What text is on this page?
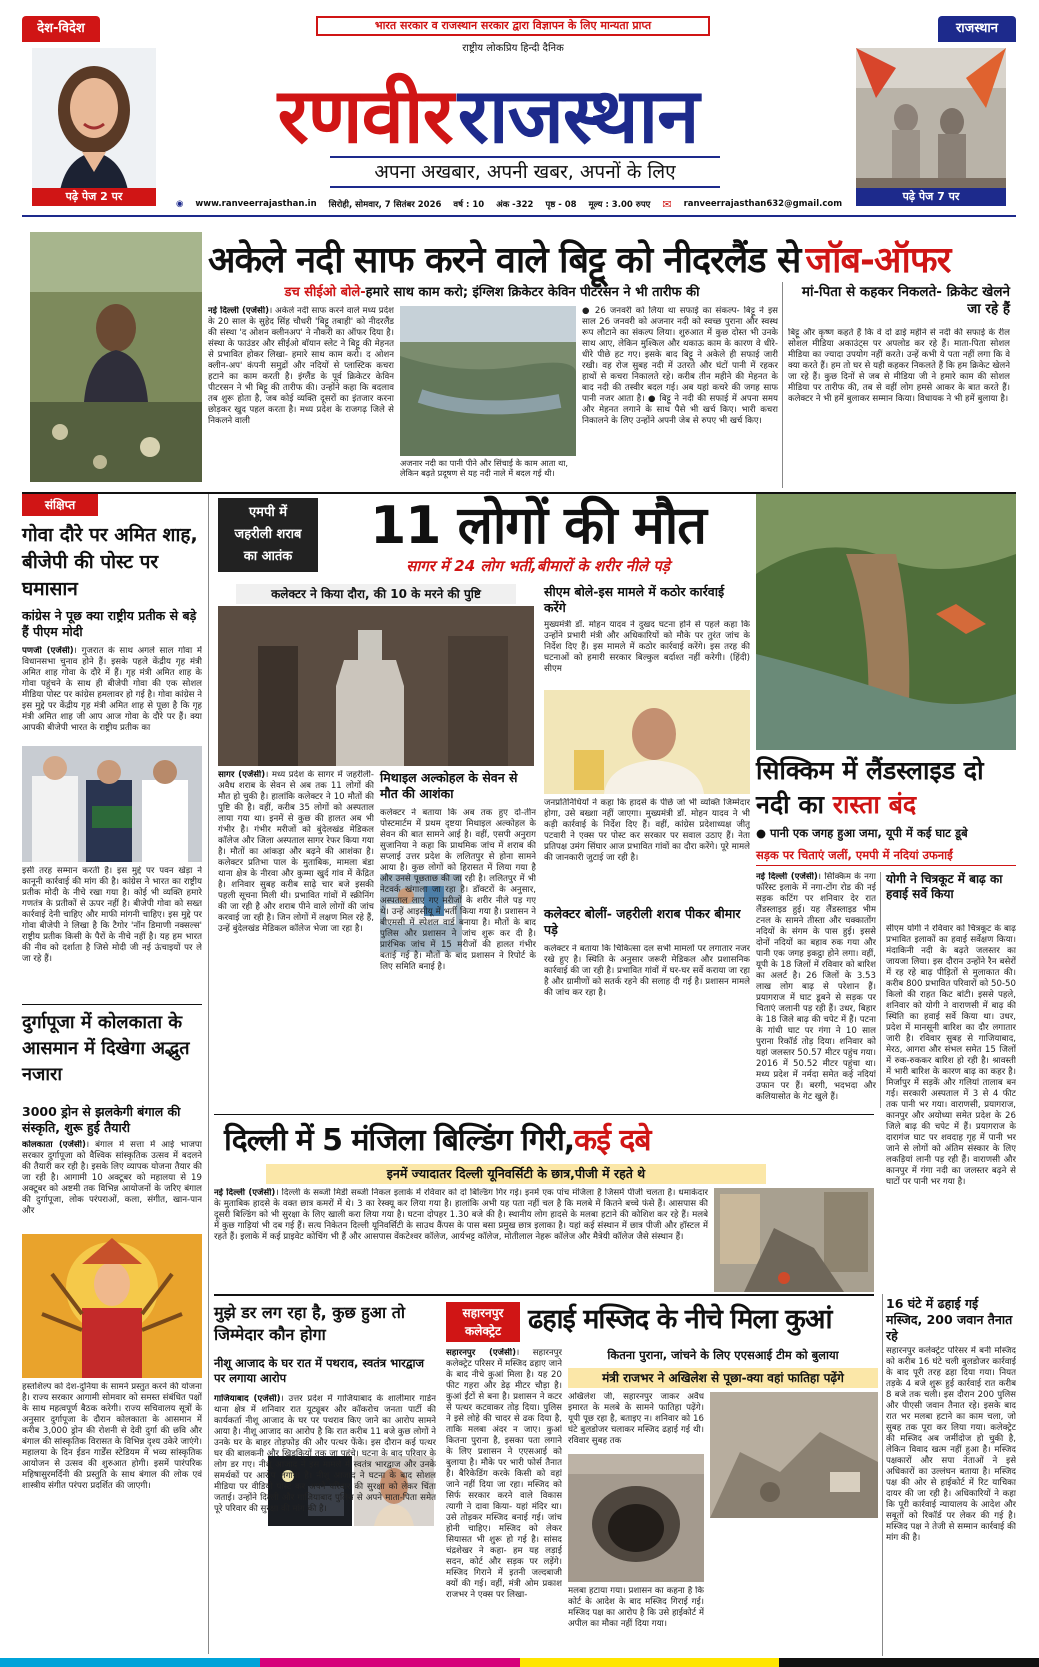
देश-विदेश
पढ़े पेज 2 पर
भारत सरकार व राजस्थान सरकार द्वारा विज्ञापन के लिए मान्यता प्राप्त
राष्ट्रीय लोकप्रिय हिन्दी दैनिक
रणवीर राजस्थान
अपना अखबार, अपनी खबर, अपनों के लिए
राजस्थान
पढ़े पेज 7 पर
◉ www.ranveerrajasthan.in सिरोही, सोमवार, 7 सितंबर 2026 वर्ष : 10 अंक -322 पृष्ठ - 08 मूल्य : 3.00 रुपए ✉ ranveerrajasthan632@gmail.com
अकेले नदी साफ करने वाले बिट्टू को नीदरलैंड से जॉब-ऑफर
डच सीईओ बोले-हमारे साथ काम करो; इंग्लिश क्रिकेटर केविन पीटरसन ने भी तारीफ की
नई दिल्ली (एजेंसी)। अकेले नदी साफ करने वाले मध्य प्रदेश के 20 साल के सुहेद सिंह चौधरी 'बिट्टू तबाही' को नीदरलैंड की संस्था 'द ओशन क्लीनअप' ने नौकरी का ऑफर दिया है। संस्था के फाउंडर और सीईओ बॉयान स्लेट ने बिट्टू की मेहनत से प्रभावित होकर लिखा- हमारे साथ काम करो। द ओशन क्लीन-अप' कंपनी समुद्रों और नदियों से प्लास्टिक कचरा हटाने का काम करती है। इंग्लैंड के पूर्व क्रिकेटर केविन पीटरसन ने भी बिट्टू की तारीफ की। उन्होंने कहा कि बदलाव तब शुरू होता है, जब कोई व्यक्ति दूसरों का इंतजार करना छोड़कर खुद पहल करता है। मध्य प्रदेश के राजगढ़ जिले से निकलने वाली
अजनार नदी का पानी पीने और सिंचाई के काम आता था, लेकिन बढ़ते प्रदूषण से यह नदी नाले में बदल गई थी।
● 26 जनवरी को लिया था सफाई का संकल्प- बिट्टू ने इस साल 26 जनवरी को अजनार नदी को स्वच्छ पुराना और स्वस्थ रूप लौटाने का संकल्प लिया। शुरुआत में कुछ दोस्त भी उनके साथ आए, लेकिन मुश्किल और थकाऊ काम के कारण वे धीरे-धीरे पीछे हट गए। इसके बाद बिट्टू ने अकेले ही सफाई जारी रखी। वह रोज सुबह नदी में उतरते और घंटों पानी में रहकर हाथों से कचरा निकालते रहे। करीब तीन महीने की मेहनत के बाद नदी की तस्वीर बदल गई। अब यहां कचरे की जगह साफ पानी नजर आता है। ● बिट्टू ने नदी की सफाई में अपना समय और मेहनत लगाने के साथ पैसे भी खर्च किए। भारी कचरा निकालने के लिए उन्होंने अपनी जेब से रुपए भी खर्च किए।
मां-पिता से कहकर निकलते- क्रिकेट खेलने जा रहे हैं
बिट्टू और कृष्ण कहते हैं कि वे दो ढाई महीने से नदी की सफाई के रील सोशल मीडिया अकाउंट्स पर अपलोड कर रहे हैं। माता-पिता सोशल मीडिया का ज्यादा उपयोग नहीं करते। उन्हें कभी ये पता नहीं लगा कि वे क्या करते हैं। हम तो घर से यही कहकर निकलते हैं कि हम क्रिकेट खेलने जा रहे हैं। कुछ दिनों से जब से मीडिया जी ने हमारे काम की सोशल मीडिया पर तारीफ की, तब से वहीं लोग हमसे आकर के बात करते हैं। कलेक्टर ने भी हमें बुलाकर सम्मान किया। विधायक ने भी हमें बुलाया है।
संक्षिप्त
गोवा दौरे पर अमित शाह, बीजेपी की पोस्ट पर घमासान
कांग्रेस ने पूछ क्या राष्ट्रीय प्रतीक से बड़े हैं पीएम मोदी
पणजी (एजेंसी)। गुजरात के साथ अगले साल गोवा में विधानसभा चुनाव होने हैं। इसके पहले केंद्रीय गृह मंत्री अमित शाह गोवा के दौरे में हैं। गृह मंत्री अमित शाह के गोवा पहुंचने के साथ ही बीजेपी गोवा की एक सोशल मीडिया पोस्ट पर कांग्रेस हमलावर हो गई है। गोवा कांग्रेस ने इस मुद्दे पर केंद्रीय गृह मंत्री अमित शाह से पूछा है कि गृह मंत्री अमित शाह जी आप आज गोवा के दौरे पर हैं। क्या आपकी बीजेपी भारत के राष्ट्रीय प्रतीक का
इसी तरह सम्मान करती है। इस मुद्दे पर पवन खेड़ा ने कानूनी कार्रवाई की मांग की है। कांग्रेस ने भारत का राष्ट्रीय प्रतीक मोदी के नीचे रखा गया है। कोई भी व्यक्ति हमारे गणतंत्र के प्रतीकों से ऊपर नहीं है। बीजेपी गोवा को सख्त कार्रवाई देनी चाहिए और माफी मांगनी चाहिए। इस मुद्दे पर गोवा बीजेपी ने लिखा है कि टैगोर 'नॉन डिमाणी नक्सल्स' राष्ट्रीय प्रतीक किसी के पैरों के नीचे नहीं है। यह हम भारत की नीव को दर्शाता है जिसे मोदी जी नई ऊंचाइयों पर ले जा रहे हैं।
दुर्गापूजा में कोलकाता के आसमान में दिखेगा अद्भुत नजारा
3000 ड्रोन से झलकेगी बंगाल की संस्कृति, शुरू हुई तैयारी
कोलकाता (एजेंसी)। बंगाल में सत्ता में आई भाजपा सरकार दुर्गापूजा को वैश्विक सांस्कृतिक उत्सव में बदलने की तैयारी कर रही है। इसके लिए व्यापक योजना तैयार की जा रही है। आगामी 10 अक्टूबर को महालया से 19 अक्टूबर को अष्टमी तक विभिन्न आयोजनों के जरिए बंगाल की दुर्गापूजा, लोक परंपराओं, कला, संगीत, खान-पान और
हस्तशिल्प को देश-दुनिया के सामने प्रस्तुत करने की योजना है। राज्य सरकार आगामी सोमवार को समस्त संबंधित पक्षों के साथ महत्वपूर्ण बैठक करेगी। राज्य सचिवालय सूत्रों के अनुसार दुर्गापूजा के दौरान कोलकाता के आसमान में करीब 3,000 ड्रोन की रोशनी से देवी दुर्गा की छवि और बंगाल की सांस्कृतिक विरासत के विभिन्न दृश्य उकेरे जाएंगे। महालया के दिन ईडन गार्डेंस स्टेडियम में भव्य सांस्कृतिक आयोजन से उत्सव की शुरुआत होगी। इसमें पारंपरिक महिषासुरमर्दिनी की प्रस्तुति के साथ बंगाल की लोक एवं शास्त्रीय संगीत परंपरा प्रदर्शित की जाएगी।
एमपी में
जहरीली शराब
का आतंक
11 लोगों की मौत
सागर में 24 लोग भर्ती,बीमारों के शरीर नीले पड़े
कलेक्टर ने किया दौरा, की 10 के मरने की पुष्टि
सागर (एजेंसी)। मध्य प्रदेश के सागर में जहरीली-अवैध शराब के सेवन से अब तक 11 लोगों की मौत हो चुकी है। हालांकि कलेक्टर ने 10 मौतों की पुष्टि की है। वहीं, करीब 35 लोगों को अस्पताल लाया गया था। इनमें से कुछ की हालत अब भी गंभीर है। गंभीर मरीजों को बुंदेलखंड मेडिकल कॉलेज और जिला अस्पताल सागर रेफर किया गया है। मौतों का आंकड़ा और बढ़ने की आशंका है। कलेक्टर प्रतिभा पाल के मुताबिक, मामला बंडा थाना क्षेत्र के नीरवा और कुम्मा खुर्द गांव में केंद्रित है। शनिवार सुबह करीब साढ़े चार बजे इसकी पहली सूचना मिली थी। प्रभावित गांवों में स्क्रीनिंग की जा रही है और शराब पीने वाले लोगों की जांच करवाई जा रही है। जिन लोगों में लक्षण मिल रहे हैं, उन्हें बुंदेलखंड मेडिकल कॉलेज भेजा जा रहा है।
मिथाइल अल्कोहल के सेवन से मौत की आशंका
कलेक्टर ने बताया कि अब तक हुए दो-तीन पोस्टमार्टम में प्रथम दृष्टया मिथाइल अल्कोहल के सेवन की बात सामने आई है। वहीं, एसपी अनुराग सुजानिया ने कहा कि प्राथमिक जांच में शराब की सप्लाई उत्तर प्रदेश के ललितपुर से होना सामने आया है। कुछ लोगों को हिरासत में लिया गया है और उनसे पूछताछ की जा रही है। ललितपुर में भी नेटवर्क खंगाला जा रहा है। डॉक्टरों के अनुसार, अस्पताल लाए गए मरीजों के शरीर नीले पड़ गए थे। उन्हें आइसीयू में भर्ती किया गया है। प्रशासन ने बीएमसी में स्पेशल वार्ड बनाया है। मौतों के बाद पुलिस और प्रशासन ने जांच शुरू कर दी है। प्रारंभिक जांच में 15 मरीजों की हालत गंभीर बताई गई है। मौतों के बाद प्रशासन ने रिपोर्ट के लिए समिति बनाई है।
सीएम बोले-इस मामले में कठोर कार्रवाई करेंगे
मुख्यमंत्री डॉ. मोहन यादव ने दुखद घटना होने से पहले कहा कि उन्होंने प्रभारी मंत्री और अधिकारियों को मौके पर तुरंत जांच के निर्देश दिए हैं। इस मामले में कठोर कार्रवाई करेंगे। इस तरह की घटनाओं को हमारी सरकार बिल्कुल बर्दाश्त नहीं करेगी। (हिंदी) सीएम
जनप्रतिनिधियों ने कहा कि हादसे के पीछे जो भी व्यक्ति जिम्मेदार होगा, उसे बख्शा नहीं जाएगा। मुख्यमंत्री डॉ. मोहन यादव ने भी कड़ी कार्रवाई के निर्देश दिए हैं। वहीं, कांग्रेस प्रदेशाध्यक्ष जीतू पटवारी ने एक्स पर पोस्ट कर सरकार पर सवाल उठाए हैं। नेता प्रतिपक्ष उमंग सिंघार आज प्रभावित गांवों का दौरा करेंगे। पूरे मामले की जानकारी जुटाई जा रही है।
कलेक्टर बोलीं- जहरीली शराब पीकर बीमार पड़े
कलेक्टर ने बताया कि चिकित्सा दल सभी मामलों पर लगातार नजर रखे हुए है। स्थिति के अनुसार जरूरी मेडिकल और प्रशासनिक कार्रवाई की जा रही है। प्रभावित गांवों में घर-घर सर्वे कराया जा रहा है और ग्रामीणों को सतर्क रहने की सलाह दी गई है। प्रशासन मामले की जांच कर रहा है।
सिक्किम में लैंडस्लाइड दो नदी का रास्ता बंद
● पानी एक जगह हुआ जमा, यूपी में कई घाट डूबे
सड़क पर चिताएं जलीं, एमपी में नदियां उफनाईं
नई दिल्ली (एजेंसी)। सिक्किम के नगा फॉरेस्ट इलाके में नगा-टोंग रोड की नई सड़क कटिंग पर शनिवार देर रात लैंडस्लाइड हुई। यह लैंडस्लाइड भीम टनल के सामने तीस्ता और चक्कातोंग नदियों के संगम के पास हुई। इससे दोनों नदियों का बहाव रुक गया और पानी एक जगह इकट्ठा होने लगा। वहीं, यूपी के 18 जिलों में रविवार को बारिश का अलर्ट है। 26 जिलों के 3.53 लाख लोग बाढ़ से परेशान हैं। प्रयागराज में घाट डूबने से सड़क पर चिताएं जलानी पड़ रही हैं। उधर, बिहार के 18 जिले बाढ़ की चपेट में हैं। पटना के गांधी घाट पर गंगा ने 10 साल पुराना रिकॉर्ड तोड़ दिया। शनिवार को यहां जलस्तर 50.57 मीटर पहुंच गया। 2016 में 50.52 मीटर पहुंचा था। मध्य प्रदेश में नर्मदा समेत कई नदियां उफान पर हैं। बरगी, भदभदा और कलियासोत के गेट खुले हैं।
योगी ने चित्रकूट में बाढ़ का हवाई सर्वे किया
सीएम योगी ने रविवार को चित्रकूट के बाढ़ प्रभावित इलाकों का हवाई सर्वेक्षण किया। मंदाकिनी नदी के बढ़ते जलस्तर का जायजा लिया। इस दौरान उन्होंने रैन बसेरों में रह रहे बाढ़ पीड़ितों से मुलाकात की। करीब 800 प्रभावित परिवारों को 50-50 किलो की राहत किट बांटी। इससे पहले, शनिवार को योगी ने वाराणसी में बाढ़ की स्थिति का हवाई सर्वे किया था। उधर, प्रदेश में मानसूनी बारिश का दौर लगातार जारी है। रविवार सुबह से गाजियाबाद, मेरठ, आगरा और संभल समेत 15 जिलों में रुक-रुककर बारिश हो रही है। श्रावस्ती में भारी बारिश के कारण बाढ़ का कहर है। मिर्जापुर में सड़कें और गलियां तालाब बन गई। सरकारी अस्पताल में 3 से 4 फीट तक पानी भर गया। वाराणसी, प्रयागराज, कानपुर और अयोध्या समेत प्रदेश के 26 जिले बाढ़ की चपेट में हैं। प्रयागराज के दारागंज घाट पर शवदाह गृह में पानी भर जाने से लोगों को अंतिम संस्कार के लिए लकड़ियां लानी पड़ रही हैं। वाराणसी और कानपुर में गंगा नदी का जलस्तर बढ़ने से घाटों पर पानी भर गया है।
दिल्ली में 5 मंजिला बिल्डिंग गिरी,कई दबे
इनमें ज्यादातर दिल्ली यूनिवर्सिटी के छात्र,पीजी में रहते थे
नई दिल्ली (एजेंसी)। दिल्ली के सब्जी मिडी सब्जी निकल इलाके में रविवार को दो बिल्डिंग गिर गई। इनमें एक पांच मंजिला है जिसमें पीजी चलता है। धमाकेदार के मुताबिक हादसे के वक्त छात्र कमरों में थे। 3 का रेस्क्यू कर लिया गया है। हालांकि अभी यह पता नहीं चल है कि मलबे में कितने बच्चे फंसे हैं। आसपास की दूसरी बिल्डिंग को भी सुरक्षा के लिए खाली करा लिया गया है। घटना दोपहर 1.30 बजे की है। स्थानीय लोग हादसे के मलबा हटाने की कोशिश कर रहे हैं। मलबे में कुछ गाड़ियां भी दब गई हैं। सत्य निकेतन दिल्ली यूनिवर्सिटी के साउथ कैंपस के पास बसा प्रमुख छात्र इलाका है। यहां कई संस्थान में छात्र पीजी और हॉस्टल में रहते हैं। इलाके में कई प्राइवेट कोचिंग भी हैं और आसपास वेंकटेश्वर कॉलेज, आर्यभट्ट कॉलेज, मोतीलाल नेहरू कॉलेज और मैत्रेयी कॉलेज जैसे संस्थान हैं।
मुझे डर लग रहा है, कुछ हुआ तो जिम्मेदार कौन होगा
नीशू आजाद के घर रात में पथराव, स्वतंत्र भारद्वाज पर लगाया आरोप
गाजियाबाद (एजेंसी)। उत्तर प्रदेश में गाजियाबाद के शालीमार गार्डन थाना क्षेत्र में शनिवार रात यूट्यूबर और कॉकरोच जनता पार्टी की कार्यकर्ता नीशू आजाद के घर पर पथराव किए जाने का आरोप सामने आया है। नीशू आजाद का आरोप है कि रात करीब 11 बजे कुछ लोगों ने उनके घर के बाहर तोड़फोड़ की और पत्थर फेंके। इस दौरान कई पत्थर घर की बालकनी और खिड़कियों तक जा पहुंचे। घटना के बाद परिवार के लोग डर गए। नीशू आजाद ने इस मामले में स्वतंत्र भारद्वाज और उनके समर्थकों पर आरोप लगाया है। नीशू आजाद ने घटना के बाद सोशल मीडिया पर वीडियो पोस्ट कर अपने परिवार की सुरक्षा को लेकर चिंता जताई। उन्होंने दिल्ली और गाजियाबाद पुलिस से अपने माता-पिता समेत पूरे परिवार की सुरक्षा की मांग की है।
सहारनपुर
कलेक्ट्रेट	ढहाई मस्जिद के नीचे मिला कुआं
सहारनपुर (एजेंसी)। सहारनपुर कलेक्ट्रेट परिसर में मस्जिद ढहाए जाने के बाद नीचे कुआं मिला है। यह 20 फीट गहरा और डेढ़ मीटर चौड़ा है। कुआं ईंटों से बना है। प्रशासन ने कटर से पत्थर कटवाकर तोड़ दिया। पुलिस ने इसे लोहे की चादर से ढक दिया है, ताकि मलबा अंदर न जाए। कुआं कितना पुराना है, इसका पता लगाने के लिए प्रशासन ने एएसआई को बुलाया है। मौके पर भारी फोर्स तैनात है। बैरिकेडिंग करके किसी को वहां जाने नहीं दिया जा रहा। मस्जिद को सिर्फ सरकार करने वाले विकास त्यागी ने दावा किया- यहां मंदिर था। उसे तोड़कर मस्जिद बनाई गई। जांच होनी चाहिए। मस्जिद को लेकर सियासत भी शुरू हो गई है। सांसद चंद्रशेखर ने कहा- हम यह लड़ाई सदन, कोर्ट और सड़क पर लड़ेंगे। मस्जिद गिराने में इतनी जल्दबाजी क्यों की गई। वहीं, मंत्री ओम प्रकाश राजभर ने एक्स पर लिखा-
कितना पुराना, जांचने के लिए एएसआई टीम को बुलाया
मंत्री राजभर ने अखिलेश से पूछा-क्या वहां फातिहा पढ़ेंगे
अखिलेश जी, सहारनपुर जाकर अवैध इमारत के मलबे के सामने फातिहा पढ़ेंगे। यूपी पूछ रहा है, बताइए न। शनिवार को 16 घंटे बुलडोजर चलाकर मस्जिद ढहाई गई थी। रविवार सुबह तक
मलबा हटाया गया। प्रशासन का कहना है कि कोर्ट के आदेश के बाद मस्जिद गिराई गई। मस्जिद पक्ष का आरोप है कि उसे हाईकोर्ट में अपील का मौका नहीं दिया गया।
16 घंटे में ढहाई गई मस्जिद, 200 जवान तैनात रहे
सहारनपुर कलेक्ट्रेट परिसर में बनी मस्जिद को करीब 16 घंटे चली बुलडोजर कार्रवाई के बाद पूरी तरह ढहा दिया गया। नियत तड़के 4 बजे शुरू हुई कार्रवाई रात करीब 8 बजे तक चली। इस दौरान 200 पुलिस और पीएसी जवान तैनात रहे। इसके बाद रात भर मलबा हटाने का काम चला, जो सुबह तक पूरा कर लिया गया। कलेक्ट्रेट की मस्जिद अब जमींदोज हो चुकी है, लेकिन विवाद खत्म नहीं हुआ है। मस्जिद पक्षकारों और सपा नेताओं ने इसे अधिकारों का उल्लंघन बताया है। मस्जिद पक्ष की ओर से हाईकोर्ट में रिट याचिका दायर की जा रही है। अधिकारियों ने कहा कि पूरी कार्रवाई न्यायालय के आदेश और सबूतों को रिकॉर्ड पर लेकर की गई है। मस्जिद पक्ष ने तेजी से सम्मान कार्रवाई की मांग की है।
